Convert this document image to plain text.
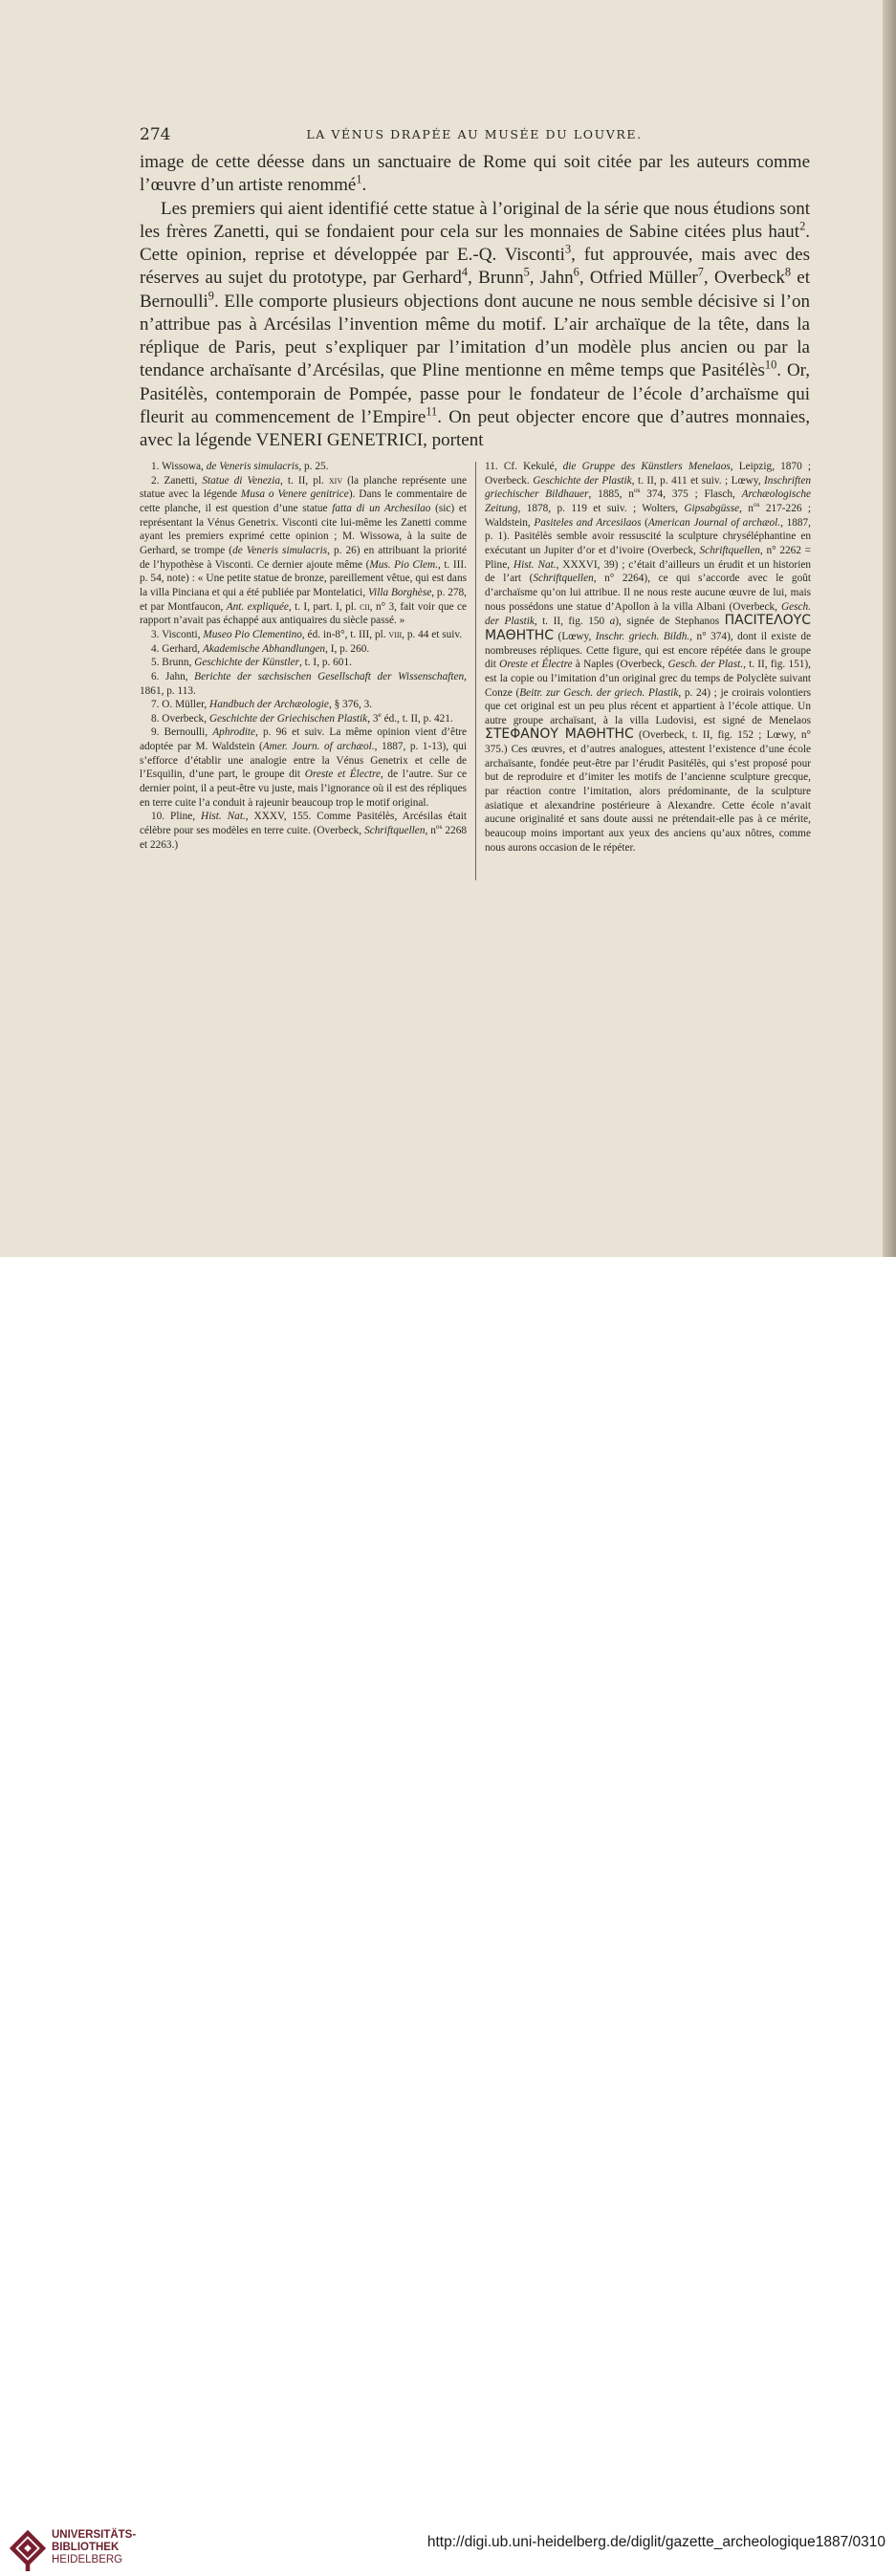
274	LA VÉNUS DRAPÉE AU MUSÉE DU LOUVRE.

image de cette déesse dans un sanctuaire de Rome qui soit citée par les auteurs comme l’œuvre d’un artiste renommé$^1$.

Les premiers qui aient identifié cette statue à l’original de la série que nous étudions sont les frères Zanetti, qui se fondaient pour cela sur les monnaies de Sabine citées plus haut$^2$. Cette opinion, reprise et développée par E.-Q. Visconti$^3$, fut approuvée, mais avec des réserves au sujet du prototype, par Gerhard$^4$, Brunn$^5$, Jahn$^6$, Otfried Müller$^7$, Overbeck$^8$ et Bernoulli$^9$. Elle comporte plusieurs objections dont aucune ne nous semble décisive si l’on n’attribue pas à Arcésilas l’invention même du motif. L’air archaïque de la tête, dans la réplique de Paris, peut s’expliquer par l’imitation d’un modèle plus ancien ou par la tendance archaïsante d’Arcésilas, que Pline mentionne en même temps que Pasitélès$^{10}$. Or, Pasitélès, contemporain de Pompée, passe pour le fondateur de l’école d’archaïsme qui fleurit au commencement de l’Empire$^{11}$. On peut objecter encore que d’autres monnaies, avec la légende VENERI GENETRICI, portent

1. Wissowa, de Veneris simulacris, p. 25.

2. Zanetti, Statue di Venezia, t. II, pl. xiv (la planche représente une statue avec la légende Musa o Venere genitrice). Dans le commentaire de cette planche, il est question d’une statue fatta di un Archesilao (sic) et représentant la Vénus Genetrix. Visconti cite lui-même les Zanetti comme ayant les premiers exprimé cette opinion ; M. Wissowa, à la suite de Gerhard, se trompe (de Veneris simulacris, p. 26) en attribuant la priorité de l’hypothèse à Visconti. Ce dernier ajoute même (Mus. Pio Clem., t. III. p. 54, note) : « Une petite statue de bronze, pareillement vêtue, qui est dans la villa Pinciana et qui a été publiée par Montelatici, Villa Borghèse, p. 278, et par Montfaucon, Ant. expliquée, t. I, part. I, pl. cii, n° 3, fait voir que ce rapport n’avait pas échappé aux antiquaires du siècle passé. »

3. Visconti, Museo Pio Clementino, éd. in-8°, t. III, pl. viii, p. 44 et suiv.

4. Gerhard, Akademische Abhandlungen, I, p. 260.

5. Brunn, Geschichte der Künstler, t. I, p. 601.

6. Jahn, Berichte der sæchsischen Gesellschaft der Wissenschaften, 1861, p. 113.

7. O. Müller, Handbuch der Archæologie, § 376, 3.

8. Overbeck, Geschichte der Griechischen Plastik, 3e éd., t. II, p. 421.

9. Bernoulli, Aphrodite, p. 96 et suiv. La même opinion vient d’être adoptée par M. Waldstein (Amer. Journ. of archæol., 1887, p. 1-13), qui s’efforce d’établir une analogie entre la Vénus Genetrix et celle de l’Esquilin, d’une part, le groupe dit Oreste et Électre, de l’autre. Sur ce dernier point, il a peut-être vu juste, mais l’ignorance où il est des répliques en terre cuite l’a conduit à rajeunir beaucoup trop le motif original.

10. Pline, Hist. Nat., XXXV, 155. Comme Pasitélès, Arcésilas était célèbre pour ses modèles en terre cuite. (Overbeck, Schriftquellen, $n^{os}$ 2268 et 2263.)

11. Cf. Kekulé, die Gruppe des Künstlers Menelaos, Leipzig, 1870 ; Overbeck. Geschichte der Plastik, t. II, p. 411 et suiv. ; Lœwy, Inschriften griechischer Bildhauer, 1885, $n^{os}$ 374, 375 ; Flasch, Archæologische Zeitung, 1878, p. 119 et suiv. ; Wolters, Gipsabgüsse, $n^{os}$ 217-226 ; Waldstein, Pasiteles and Arcesilaos (American Journal of archæol., 1887, p. 1). Pasitélès semble avoir ressuscité la sculpture chryséléphantine en exécutant un Jupiter d’or et d’ivoire (Overbeck, Schriftquellen, n° 2262 = Pline, Hist. Nat., XXXVI, 39) ; c’était d’ailleurs un érudit et un historien de l’art (Schriftquellen, n° 2264), ce qui s’accorde avec le goût d’archaïsme qu’on lui attribue. Il ne nous reste aucune œuvre de lui, mais nous possédons une statue d’Apollon à la villa Albani (Overbeck, Gesch. der Plastik, t. II, fig. 150 a), signée de Stephanos ΠΑCΙΤΕΛΟΥC ΜΑΘΗΤΗC (Lœwy, Inschr. griech. Bildh., n° 374), dont il existe de nombreuses répliques. Cette figure, qui est encore répétée dans le groupe dit Oreste et Électre à Naples (Overbeck, Gesch. der Plast., t. II, fig. 151), est la copie ou l’imitation d’un original grec du temps de Polyclète suivant Conze (Beitr. zur Gesch. der griech. Plastik, p. 24) ; je croirais volontiers que cet original est un peu plus récent et appartient à l’école attique. Un autre groupe archaïsant, à la villa Ludovisi, est signé de Menelaos ΣΤΕΦΑΝΟΥ ΜΑΘΗΤΗC (Overbeck, t. II, fig. 152 ; Lœwy, n° 375.) Ces œuvres, et d’autres analogues, attestent l’existence d’une école archaïsante, fondée peut-être par l’érudit Pasitélès, qui s’est proposé pour but de reproduire et d’imiter les motifs de l’ancienne sculpture grecque, par réaction contre l’imitation, alors prédominante, de la sculpture asiatique et alexandrine postérieure à Alexandre. Cette école n’avait aucune originalité et sans doute aussi ne prétendait-elle pas à ce mérite, beaucoup moins important aux yeux des anciens qu’aux nôtres, comme nous aurons occasion de le répéter.

UNIVERSITÄTS-
BIBLIOTHEK
HEIDELBERG
http://digi.ub.uni-heidelberg.de/diglit/gazette_archeologique1887/0310
